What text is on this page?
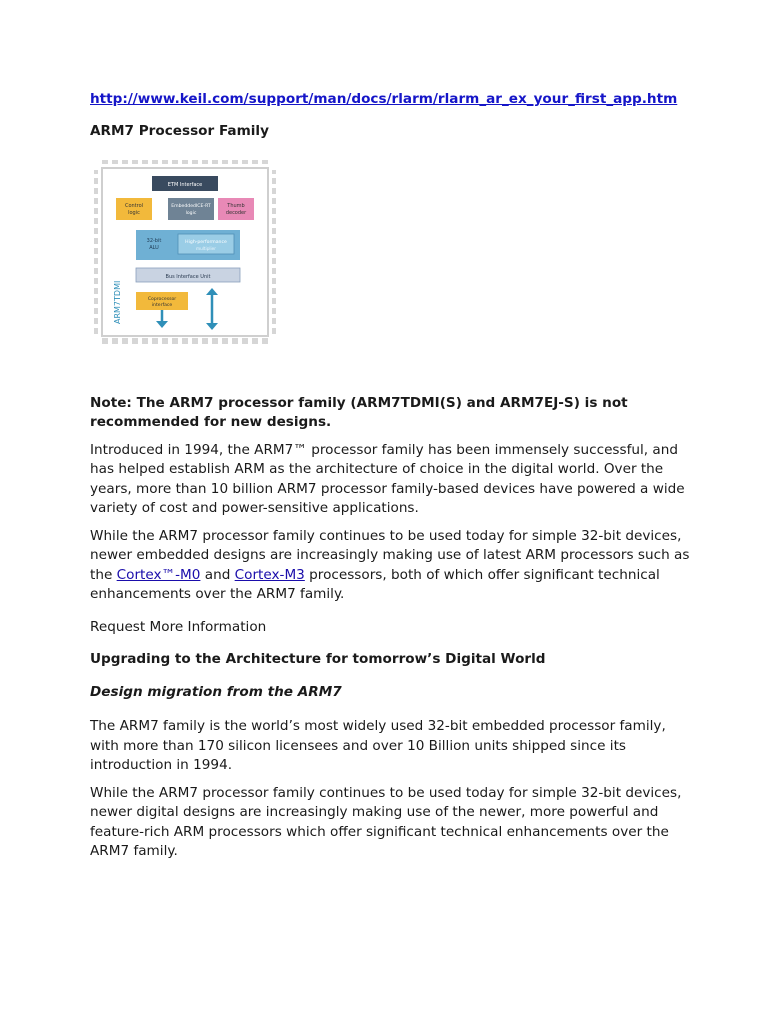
http://www.keil.com/support/man/docs/rlarm/rlarm_ar_ex_your_first_app.htm

ARM7 Processor Family

ETM Interface
Control
logic
EmbeddedICE-RT
logic
Thumb
decoder
32-bit
ALU
High-performance
multiplier
Bus Interface Unit
Coprocessor
interface
ARM7TDMI

Note: The ARM7 processor family (ARM7TDMI(S) and ARM7EJ-S) is not recommended for new designs.

Introduced in 1994, the ARM7™ processor family has been immensely successful, and has helped establish ARM as the architecture of choice in the digital world. Over the years, more than 10 billion ARM7 processor family-based devices have powered a wide variety of cost and power-sensitive applications.

While the ARM7 processor family continues to be used today for simple 32-bit devices, newer embedded designs are increasingly making use of latest ARM processors such as the Cortex™-M0 and Cortex-M3 processors, both of which offer significant technical enhancements over the ARM7 family.

Request More Information

Upgrading to the Architecture for tomorrow’s Digital World

Design migration from the ARM7

The ARM7 family is the world’s most widely used 32-bit embedded processor family, with more than 170 silicon licensees and over 10 Billion units shipped since its introduction in 1994.

While the ARM7 processor family continues to be used today for simple 32-bit devices, newer digital designs are increasingly making use of the newer, more powerful and feature-rich ARM processors which offer significant technical enhancements over the ARM7 family.
